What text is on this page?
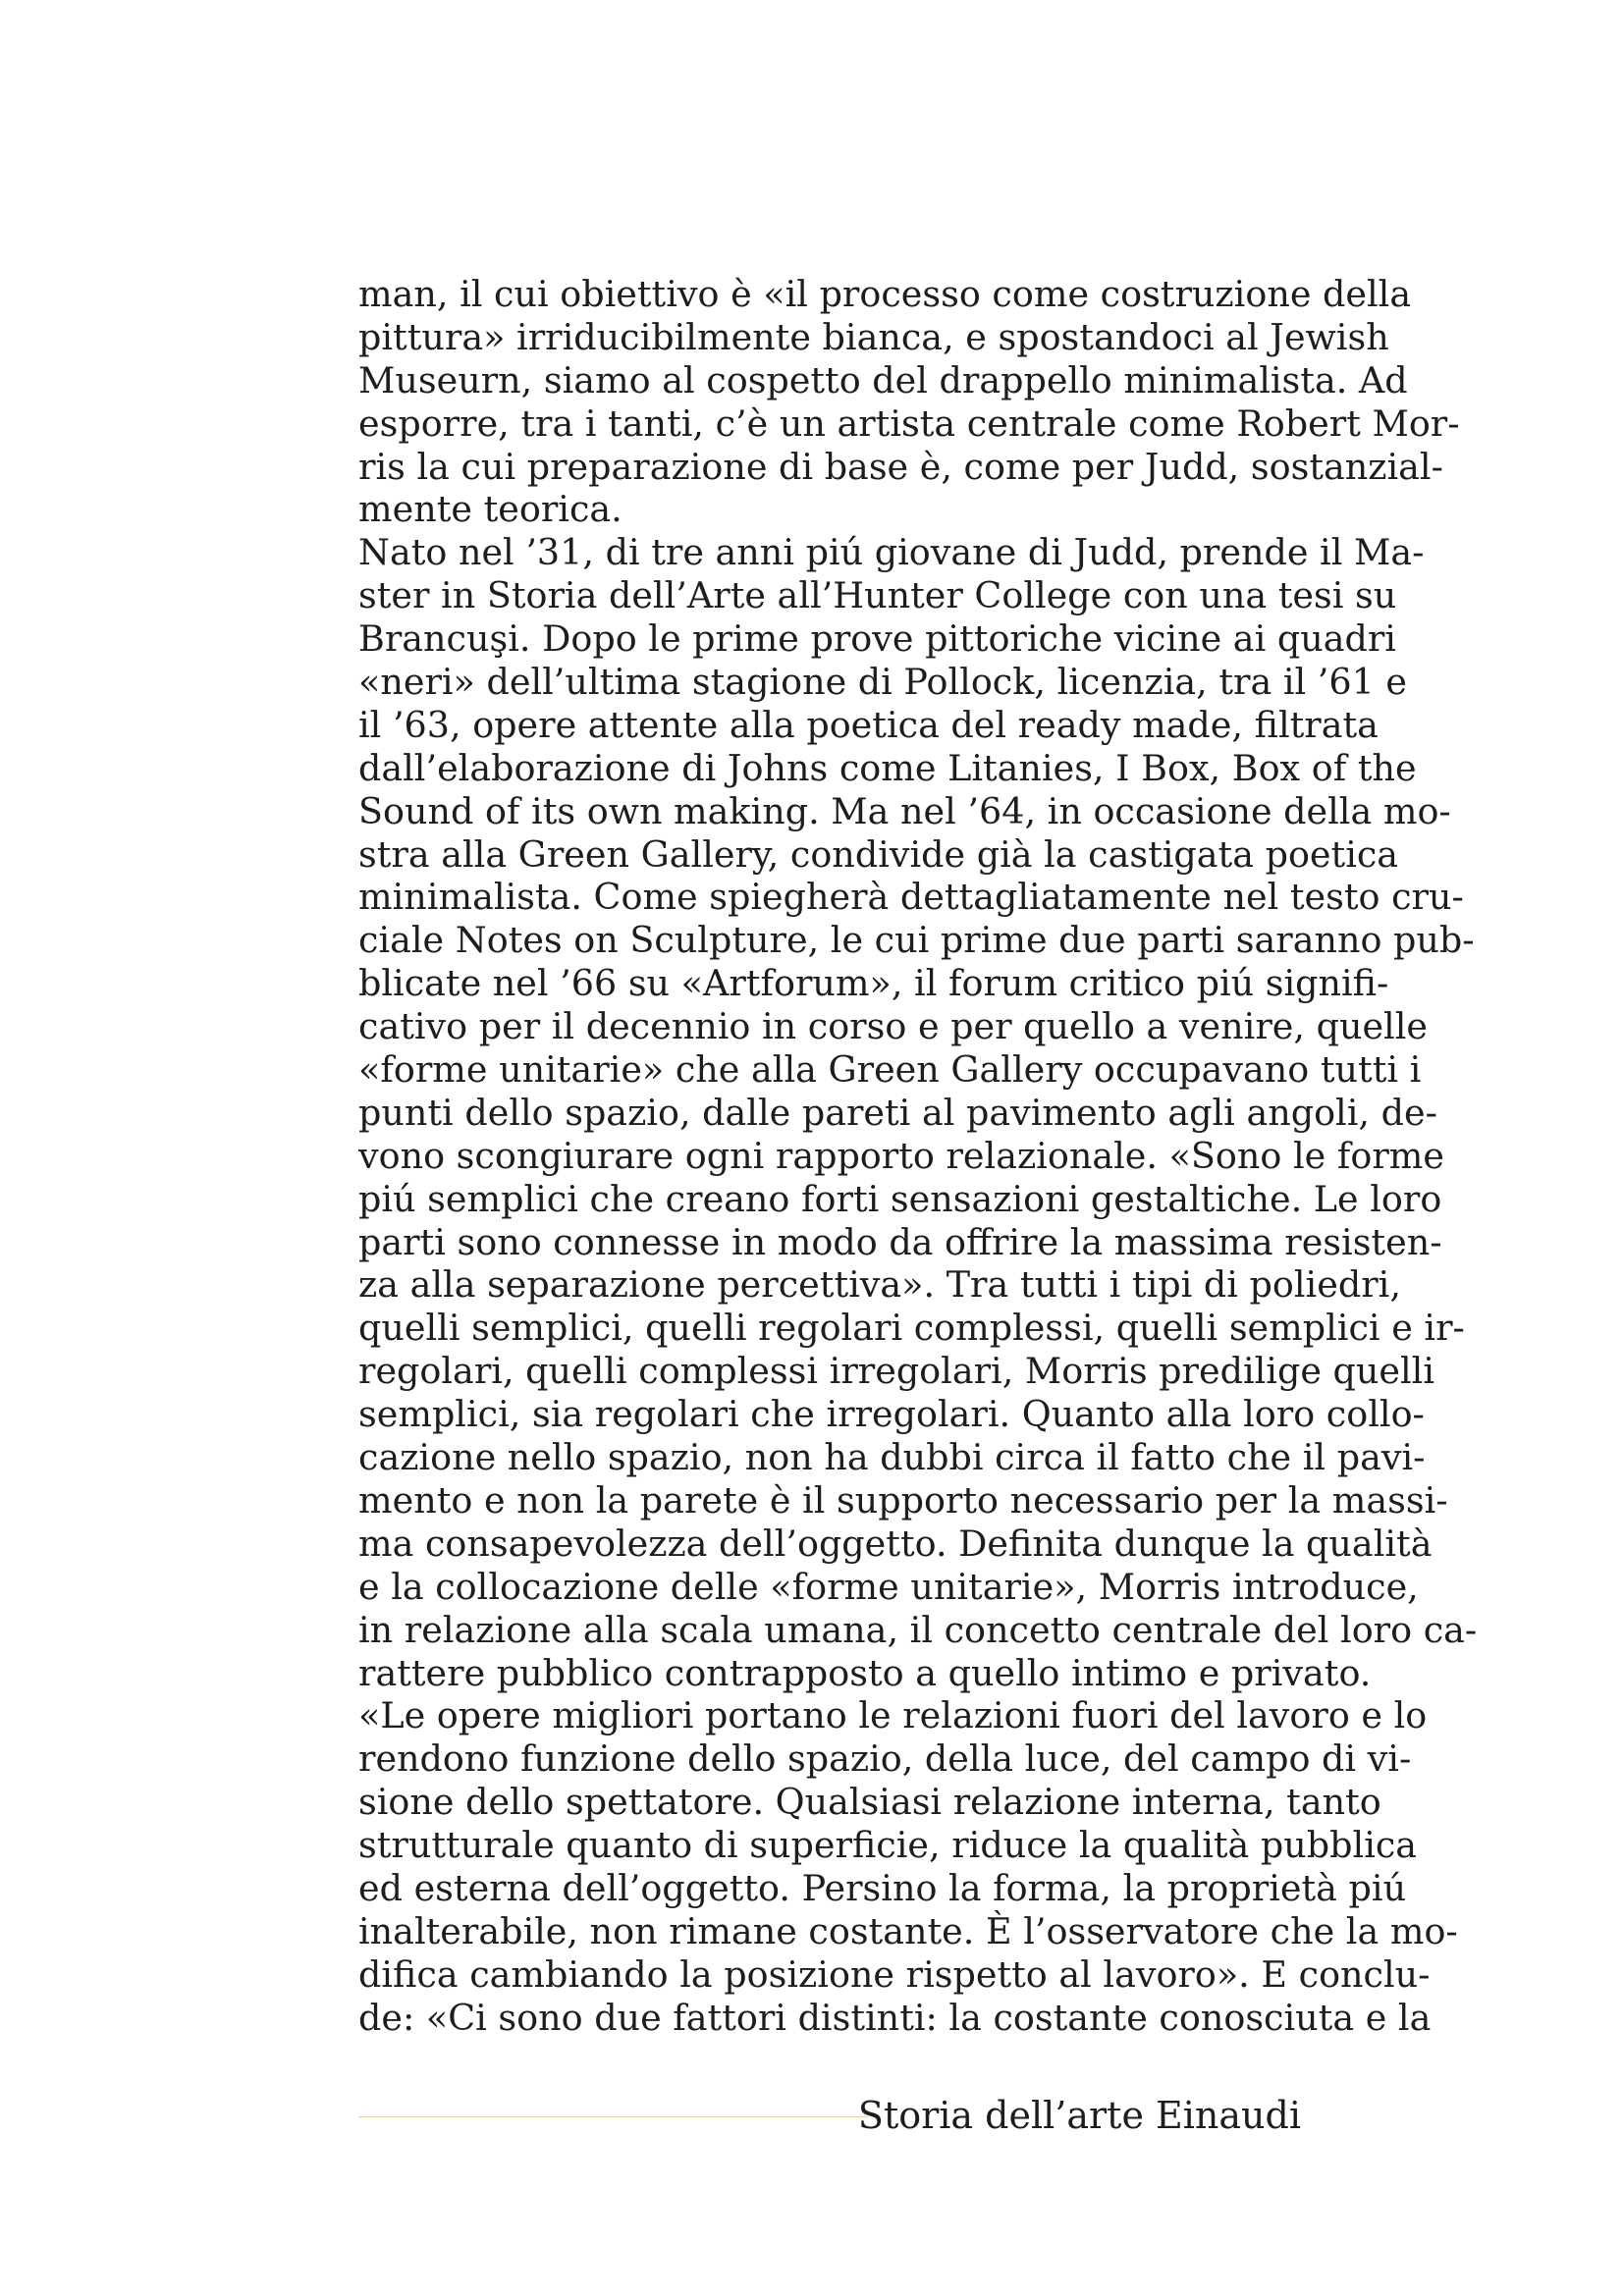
man, il cui obiettivo è «il processo come costruzione della
pittura» irriducibilmente bianca, e spostandoci al Jewish
Museurn, siamo al cospetto del drappello minimalista. Ad
esporre, tra i tanti, c’è un artista centrale come Robert Mor-
ris la cui preparazione di base è, come per Judd, sostanzial-
mente teorica.
Nato nel ’31, di tre anni piú giovane di Judd, prende il Ma-
ster in Storia dell’Arte all’Hunter College con una tesi su
Brancuşi. Dopo le prime prove pittoriche vicine ai quadri
«neri» dell’ultima stagione di Pollock, licenzia, tra il ’61 e
il ’63, opere attente alla poetica del ready made, filtrata
dall’elaborazione di Johns come Litanies, I Box, Box of the
Sound of its own making. Ma nel ’64, in occasione della mo-
stra alla Green Gallery, condivide già la castigata poetica
minimalista. Come spiegherà dettagliatamente nel testo cru-
ciale Notes on Sculpture, le cui prime due parti saranno pub-
blicate nel ’66 su «Artforum», il forum critico piú signifi-
cativo per il decennio in corso e per quello a venire, quelle
«forme unitarie» che alla Green Gallery occupavano tutti i
punti dello spazio, dalle pareti al pavimento agli angoli, de-
vono scongiurare ogni rapporto relazionale. «Sono le forme
piú semplici che creano forti sensazioni gestaltiche. Le loro
parti sono connesse in modo da offrire la massima resisten-
za alla separazione percettiva». Tra tutti i tipi di poliedri,
quelli semplici, quelli regolari complessi, quelli semplici e ir-
regolari, quelli complessi irregolari, Morris predilige quelli
semplici, sia regolari che irregolari. Quanto alla loro collo-
cazione nello spazio, non ha dubbi circa il fatto che il pavi-
mento e non la parete è il supporto necessario per la massi-
ma consapevolezza dell’oggetto. Definita dunque la qualità
e la collocazione delle «forme unitarie», Morris introduce,
in relazione alla scala umana, il concetto centrale del loro ca-
rattere pubblico contrapposto a quello intimo e privato.
«Le opere migliori portano le relazioni fuori del lavoro e lo
rendono funzione dello spazio, della luce, del campo di vi-
sione dello spettatore. Qualsiasi relazione interna, tanto
strutturale quanto di superficie, riduce la qualità pubblica
ed esterna dell’oggetto. Persino la forma, la proprietà piú
inalterabile, non rimane costante. È l’osservatore che la mo-
difica cambiando la posizione rispetto al lavoro». E conclu-
de: «Ci sono due fattori distinti: la costante conosciuta e la
Storia dell’arte Einaudi
